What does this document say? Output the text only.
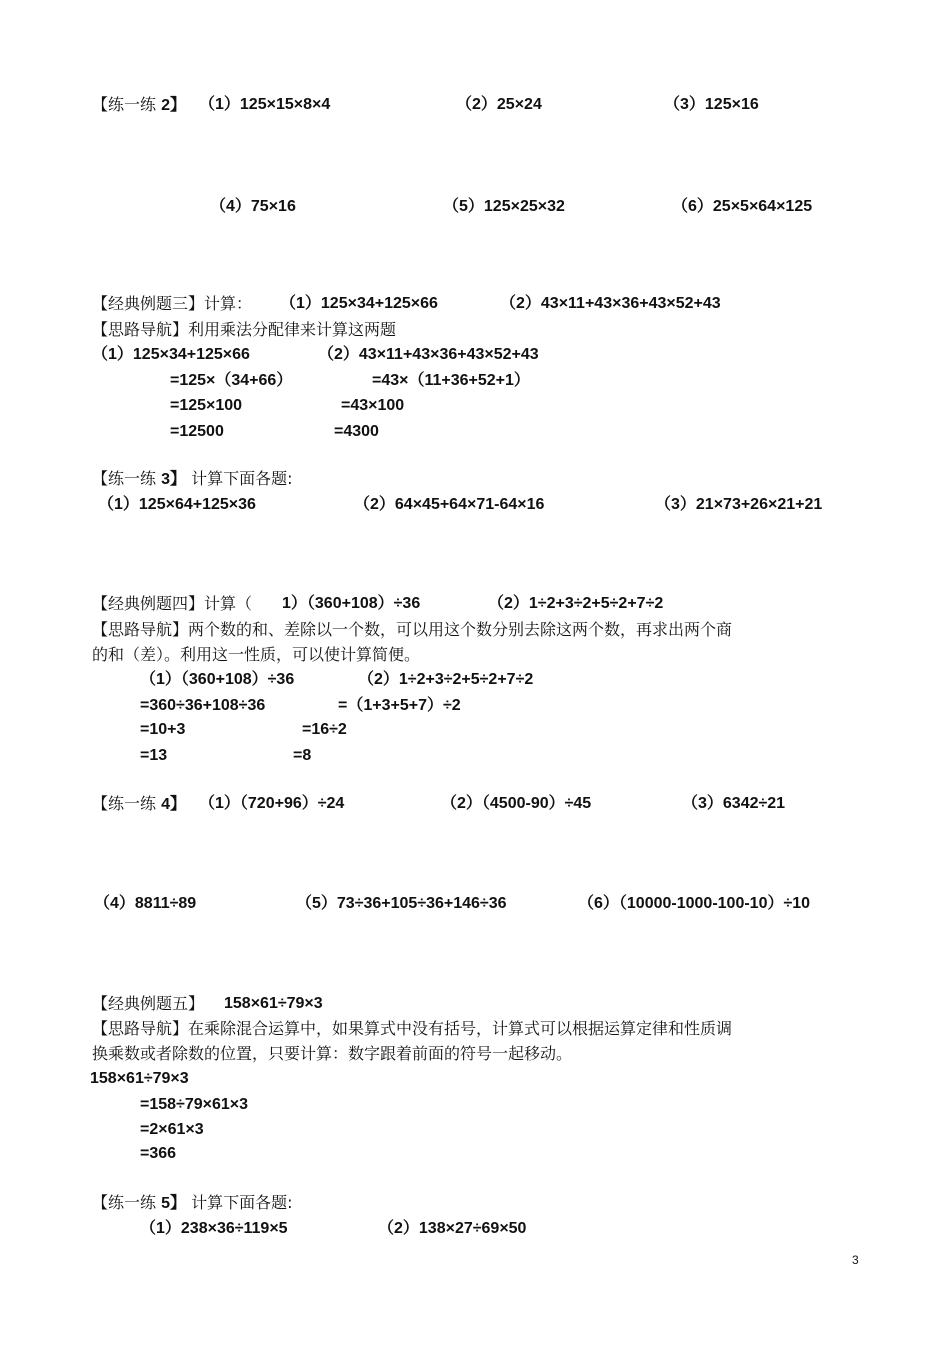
【练一练 2】 （1）125×15×8×4	（2）25×24	（3）125×16
（4）75×16	（5）125×25×32	（6）25×5×64×125
【经典例题三】计算： （1）125×34+125×66	（2）43×11+43×36+43×52+43
【思路导航】利用乘法分配律来计算这两题
（1）125×34+125×66
=125×（34+66）
=125×100
=12500
（2）43×11+43×36+43×52+43
=43×（11+36+52+1）
=43×100
=4300
【练一练 3】 计算下面各题:
（1）125×64+125×36	（2）64×45+64×71-64×16	（3）21×73+26×21+21
【经典例题四】计算（ 1）（360+108）÷36	（2）1÷2+3÷2+5÷2+7÷2
【思路导航】两个数的和、差除以一个数，可以用这个数分别去除这两个数，再求出两个商
的和（差）。利用这一性质，可以使计算简便。
（1）（360+108）÷36
=360÷36+108÷36
=10+3
=13
（2）1÷2+3÷2+5÷2+7÷2
=（1+3+5+7）÷2
=16÷2
=8
【练一练 4】 （1）（720+96）÷24	（2）（4500-90）÷45	（3）6342÷21
（4）8811÷89	（5）73÷36+105÷36+146÷36	（6）（10000-1000-100-10）÷10
【经典例题五】 158×61÷79×3
【思路导航】在乘除混合运算中，如果算式中没有括号，计算式可以根据运算定律和性质调
换乘数或者除数的位置，只要计算：数字跟着前面的符号一起移动。
158×61÷79×3
=158÷79×61×3
=2×61×3
=366
【练一练 5】 计算下面各题:
（1）238×36÷119×5	（2）138×27÷69×50
3
